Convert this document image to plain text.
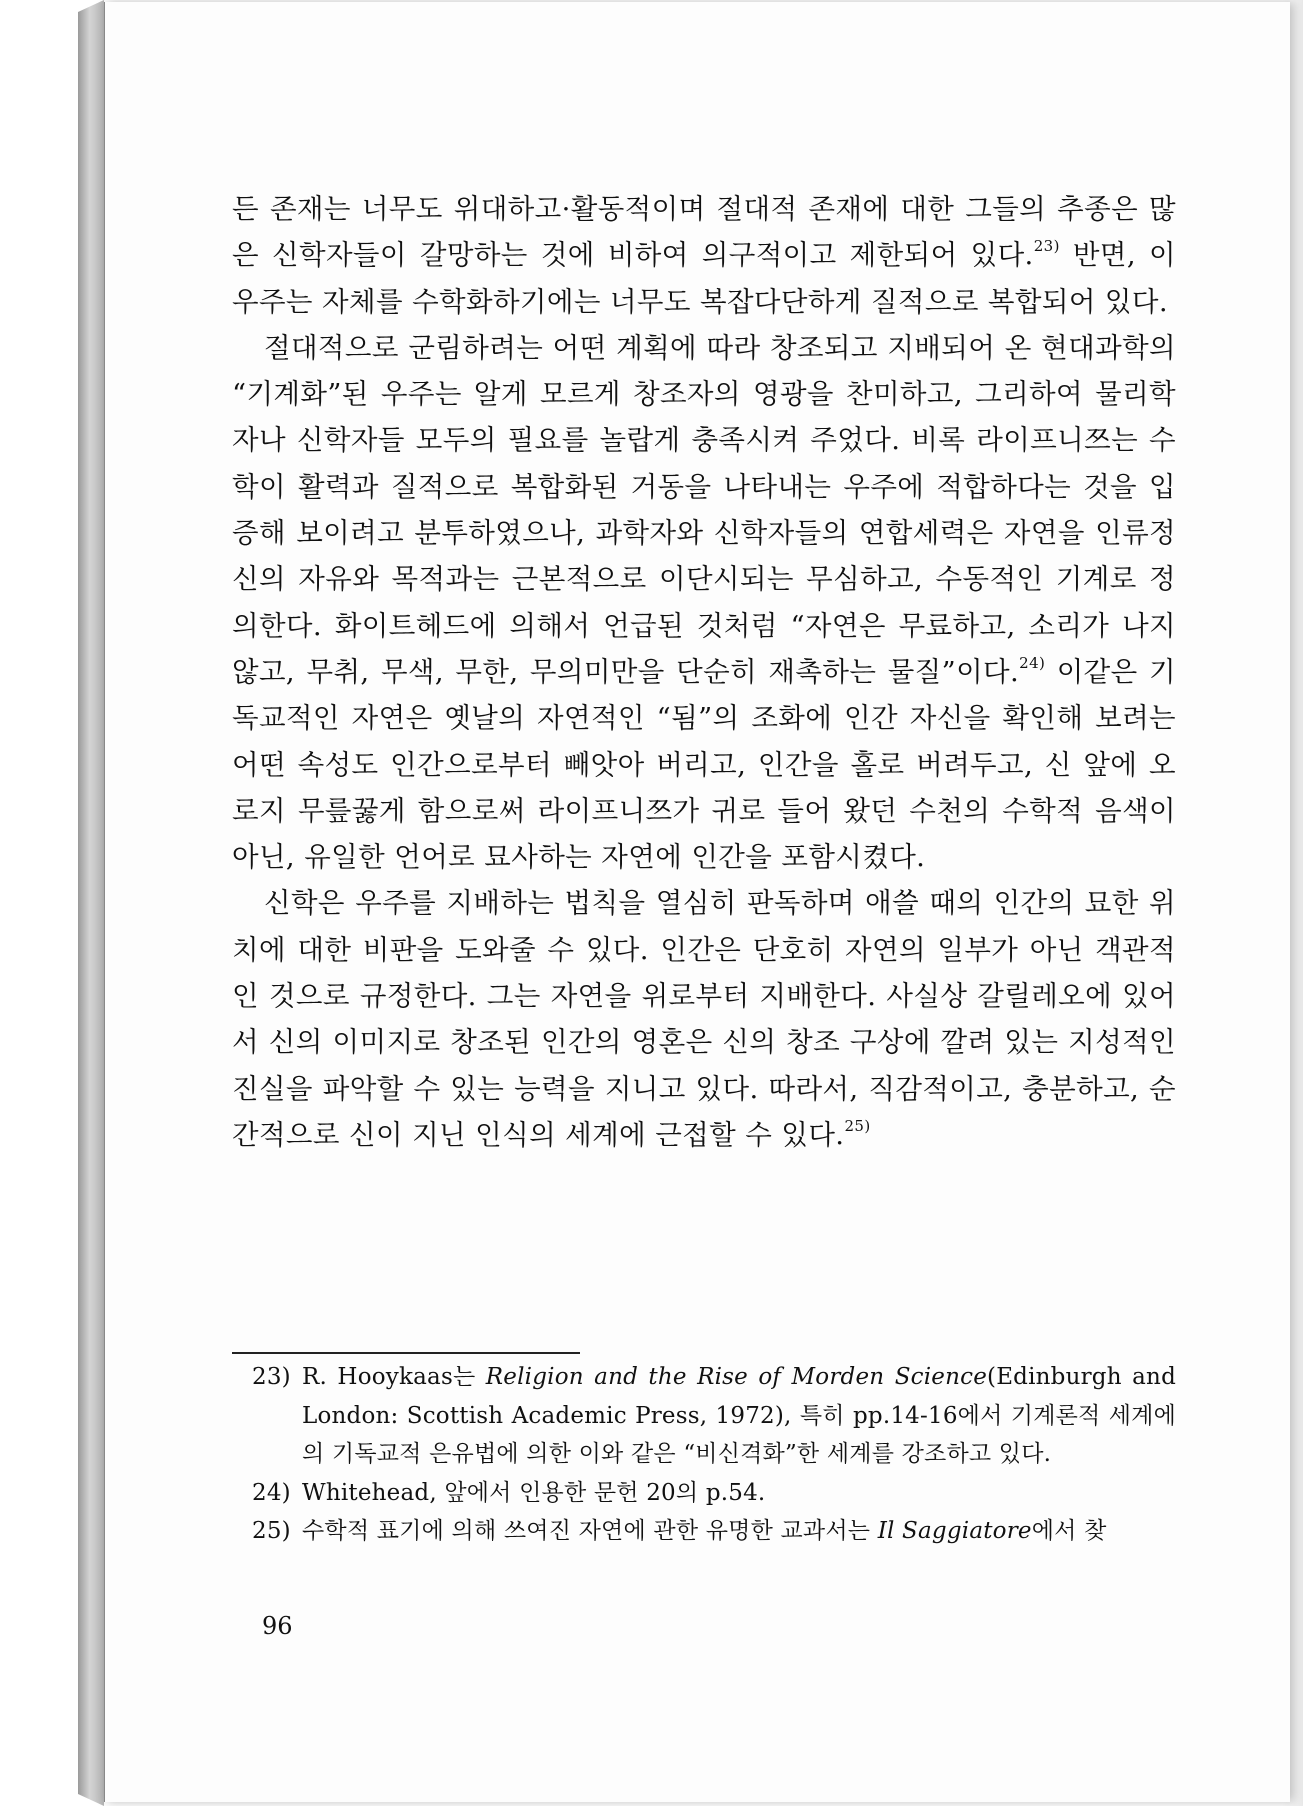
든 존재는 너무도 위대하고·활동적이며 절대적 존재에 대한 그들의 추종은 많은 신학자들이 갈망하는 것에 비하여 의구적이고 제한되어 있다.$^{23)}$ 반면, 이 우주는 자체를 수학화하기에는 너무도 복잡다단하게 질적으로 복합되어 있다.

절대적으로 군림하려는 어떤 계획에 따라 창조되고 지배되어 온 현대과학의 “기계화”된 우주는 알게 모르게 창조자의 영광을 찬미하고, 그리하여 물리학자나 신학자들 모두의 필요를 놀랍게 충족시켜 주었다. 비록 라이프니쯔는 수학이 활력과 질적으로 복합화된 거동을 나타내는 우주에 적합하다는 것을 입증해 보이려고 분투하였으나, 과학자와 신학자들의 연합세력은 자연을 인류정신의 자유와 목적과는 근본적으로 이단시되는 무심하고, 수동적인 기계로 정의한다. 화이트헤드에 의해서 언급된 것처럼 “자연은 무료하고, 소리가 나지 않고, 무취, 무색, 무한, 무의미만을 단순히 재촉하는 물질”이다.$^{24)}$ 이같은 기독교적인 자연은 옛날의 자연적인 “됨”의 조화에 인간 자신을 확인해 보려는 어떤 속성도 인간으로부터 빼앗아 버리고, 인간을 홀로 버려두고, 신 앞에 오로지 무릎꿇게 함으로써 라이프니쯔가 귀로 들어 왔던 수천의 수학적 음색이 아닌, 유일한 언어로 묘사하는 자연에 인간을 포함시켰다.

신학은 우주를 지배하는 법칙을 열심히 판독하며 애쓸 때의 인간의 묘한 위치에 대한 비판을 도와줄 수 있다. 인간은 단호히 자연의 일부가 아닌 객관적인 것으로 규정한다. 그는 자연을 위로부터 지배한다. 사실상 갈릴레오에 있어서 신의 이미지로 창조된 인간의 영혼은 신의 창조 구상에 깔려 있는 지성적인 진실을 파악할 수 있는 능력을 지니고 있다. 따라서, 직감적이고, 충분하고, 순간적으로 신이 지닌 인식의 세계에 근접할 수 있다.$^{25)}$

23) R. Hooykaas는 Religion and the Rise of Morden Science(Edinburgh and London: Scottish Academic Press, 1972), 특히 pp.14-16에서 기계론적 세계에의 기독교적 은유법에 의한 이와 같은 “비신격화”한 세계를 강조하고 있다.
24) Whitehead, 앞에서 인용한 문헌 20의 p.54.
25) 수학적 표기에 의해 쓰여진 자연에 관한 유명한 교과서는 Il Saggiatore에서 찾
96
